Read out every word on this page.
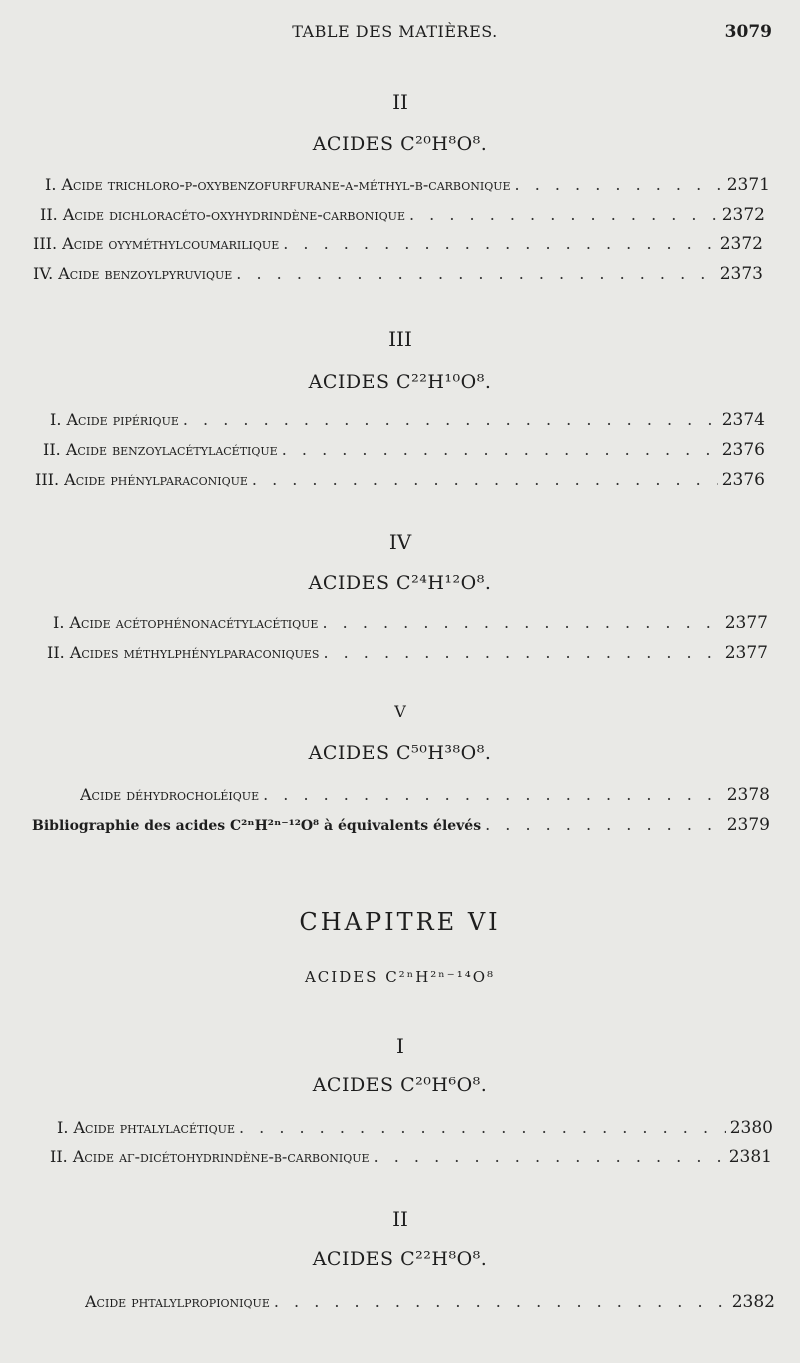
TABLE DES MATIÈRES.	3079
II
ACIDES C²⁰H⁸O⁸.
I. Acide trichloro-p-oxybenzofurfurane-α-méthyl-β-carbonique . . .	2371
II. Acide dichloracéto-oxyhydrindène-carbonique . . .	2372
III. Acide oyyméthylcoumarilique . . .	2372
IV. Acide benzoylpyruvique . . .	2373
III
ACIDES C²²H¹⁰O⁸.
I. Acide pipérique . . .	2374
II. Acide benzoylacétylacétique . . .	2376
III. Acide phénylparaconique . . .	2376
IV
ACIDES C²⁴H¹²O⁸.
I. Acide acétophénonacétylacétique . . .	2377
II. Acides méthylphénylparaconiques . . .	2377
V
ACIDES C⁵⁰H³⁸O⁸.
Acide déhydrocholéique . . .	2378
Bibliographie des acides C²ⁿH²ⁿ⁻¹²O⁸ à équivalents élevés . . .	2379
CHAPITRE VI
ACIDES C²ⁿH²ⁿ⁻¹⁴O⁸
I
ACIDES C²⁰H⁶O⁸.
I. Acide phtalylacétique . . .	2380
II. Acide αγ-dicétohydrindène-β-carbonique . . .	2381
II
ACIDES C²²H⁸O⁸.
Acide phtalylpropionique . . .	2382
